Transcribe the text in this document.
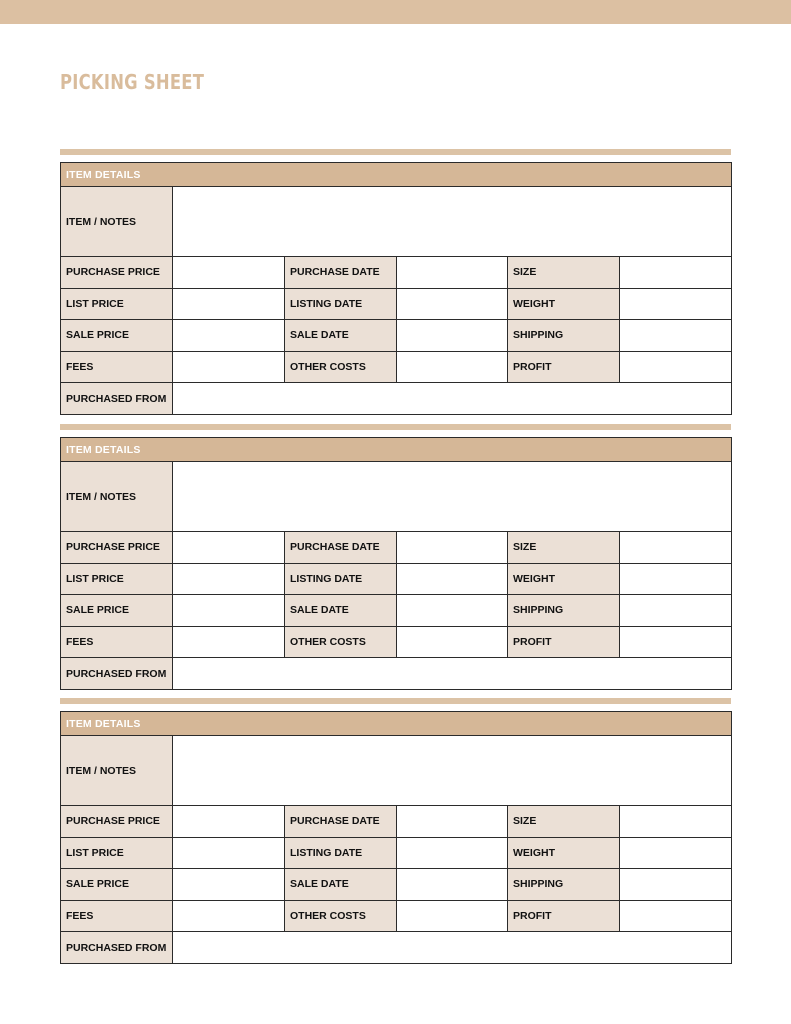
PICKING SHEET
ITEM DETAILS					
ITEM / NOTES					
PURCHASE PRICE		PURCHASE DATE		SIZE	
LIST PRICE		LISTING DATE		WEIGHT	
SALE PRICE		SALE DATE		SHIPPING	
FEES		OTHER COSTS		PROFIT	
PURCHASED FROM					
ITEM DETAILS					
ITEM / NOTES					
PURCHASE PRICE		PURCHASE DATE		SIZE	
LIST PRICE		LISTING DATE		WEIGHT	
SALE PRICE		SALE DATE		SHIPPING	
FEES		OTHER COSTS		PROFIT	
PURCHASED FROM					
ITEM DETAILS					
ITEM / NOTES					
PURCHASE PRICE		PURCHASE DATE		SIZE	
LIST PRICE		LISTING DATE		WEIGHT	
SALE PRICE		SALE DATE		SHIPPING	
FEES		OTHER COSTS		PROFIT	
PURCHASED FROM					
